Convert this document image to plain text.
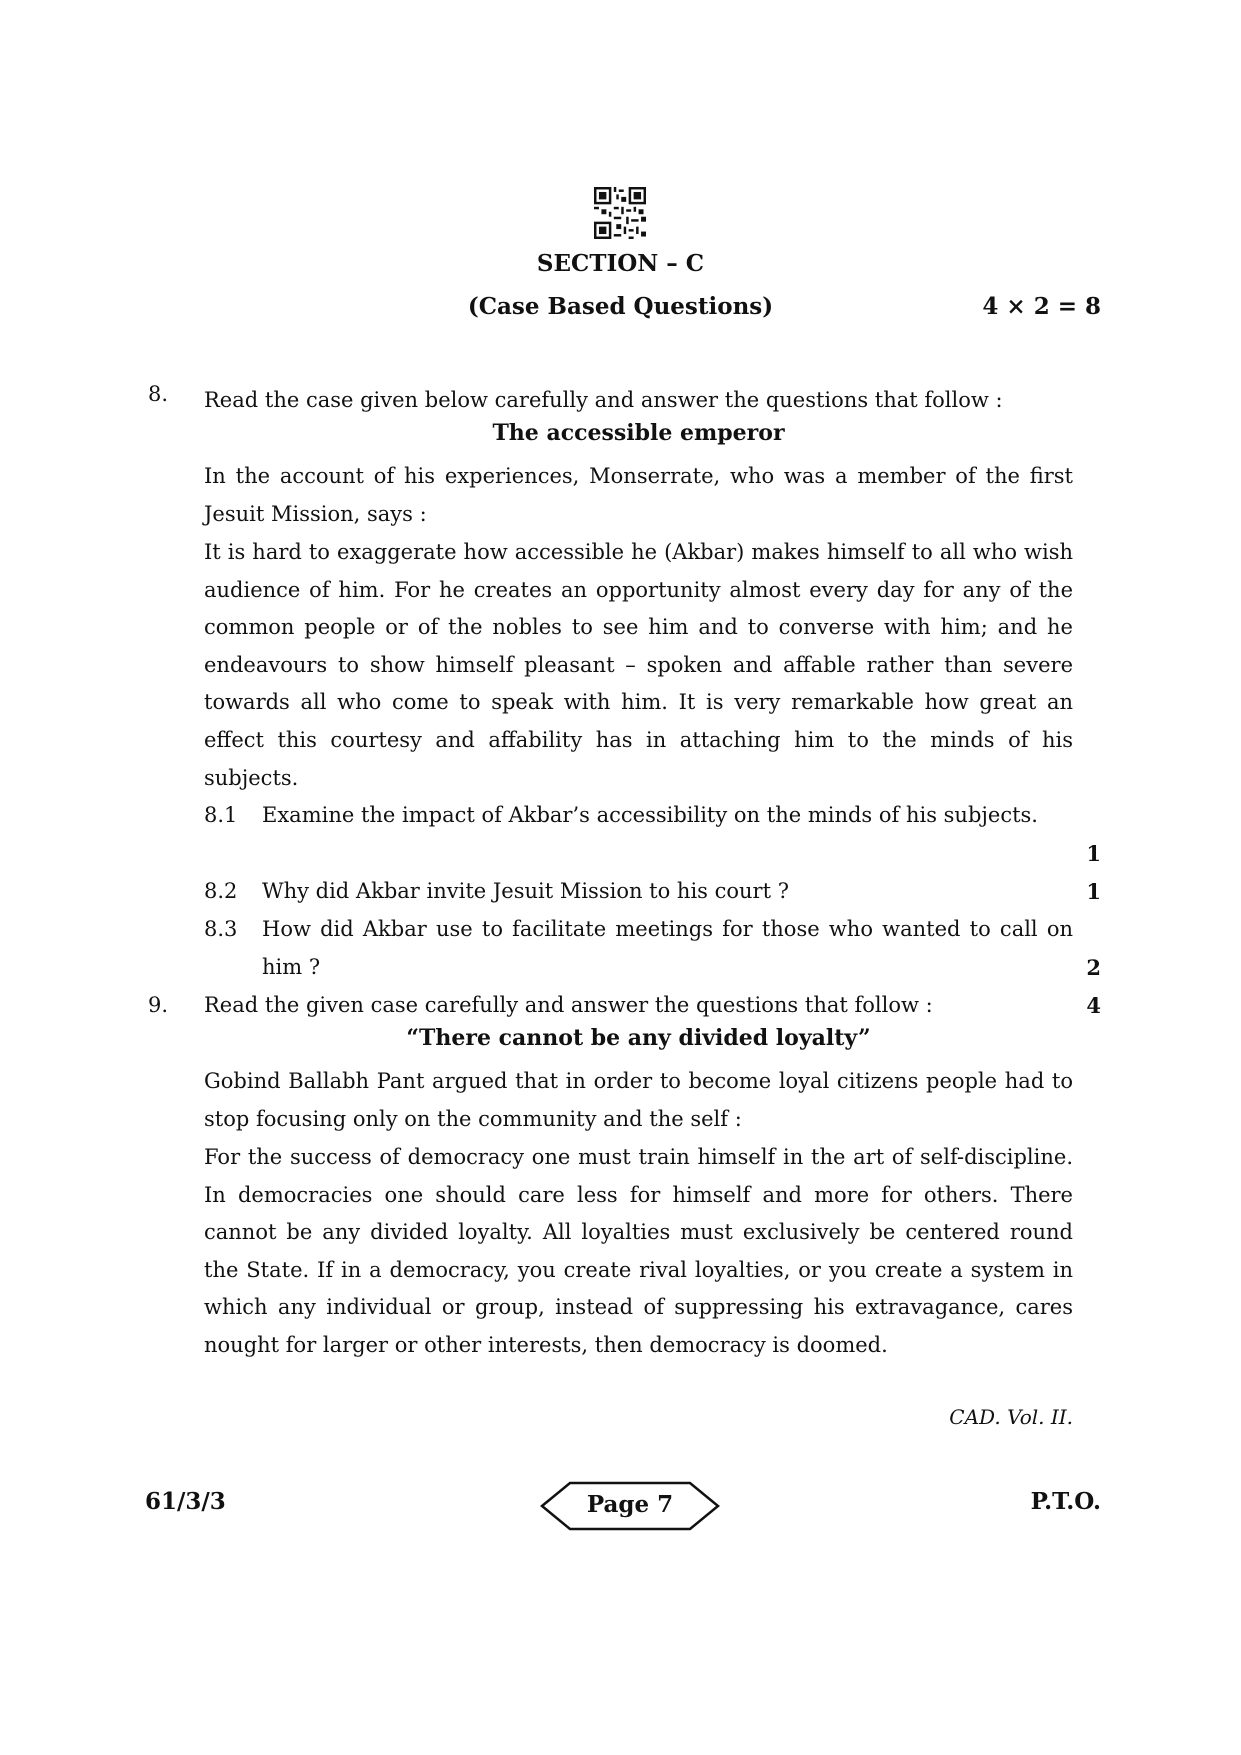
SECTION – C
(Case Based Questions)	4 × 2 = 8
8. Read the case given below carefully and answer the questions that follow :
The accessible emperor
In the account of his experiences, Monserrate, who was a member of the first Jesuit Mission, says :
It is hard to exaggerate how accessible he (Akbar) makes himself to all who wish audience of him. For he creates an opportunity almost every day for any of the common people or of the nobles to see him and to converse with him; and he endeavours to show himself pleasant – spoken and affable rather than severe towards all who come to speak with him. It is very remarkable how great an effect this courtesy and affability has in attaching him to the minds of his subjects.
8.1 Examine the impact of Akbar’s accessibility on the minds of his subjects.
1
8.2 Why did Akbar invite Jesuit Mission to his court ?	1
8.3 How did Akbar use to facilitate meetings for those who wanted to call on him ?	2
9. Read the given case carefully and answer the questions that follow :	4
“There cannot be any divided loyalty”
Gobind Ballabh Pant argued that in order to become loyal citizens people had to stop focusing only on the community and the self :
For the success of democracy one must train himself in the art of self-discipline. In democracies one should care less for himself and more for others. There cannot be any divided loyalty. All loyalties must exclusively be centered round the State. If in a democracy, you create rival loyalties, or you create a system in which any individual or group, instead of suppressing his extravagance, cares nought for larger or other interests, then democracy is doomed.
CAD. Vol. II.
61/3/3	Page 7	P.T.O.
